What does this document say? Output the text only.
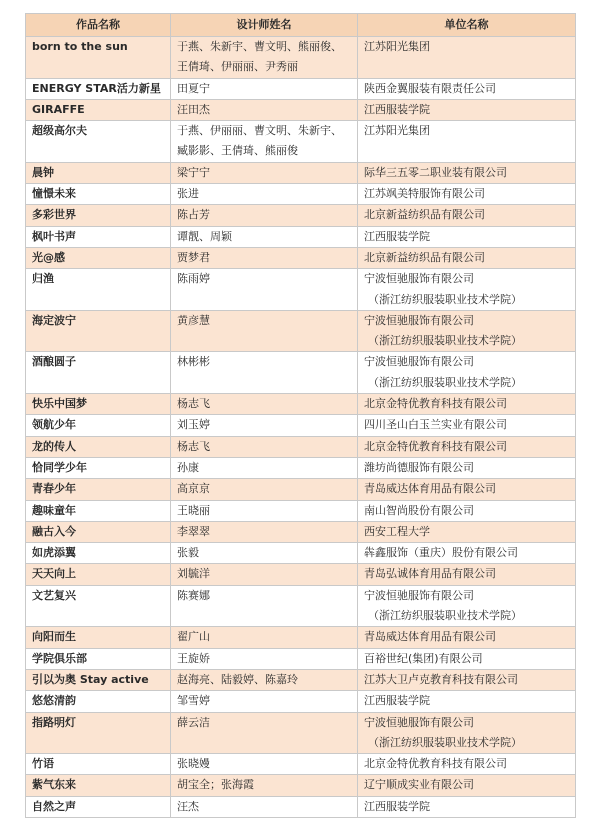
作品名称	设计师姓名	单位名称

born to the sun	于燕、朱新宇、曹文明、熊丽俊、
王倩琦、伊丽丽、尹秀丽	江苏阳光集团

ENERGY STAR活力新星	田夏宁	陕西金翼服装有限责任公司

GIRAFFE	汪田杰	江西服装学院

超级高尔夫	于燕、伊丽丽、曹文明、朱新宇、
臧影影、王倩琦、熊丽俊	江苏阳光集团

晨钟	梁宁宁	际华三五零二职业装有限公司

憧憬未来	张进	江苏飒美特服饰有限公司

多彩世界	陈占芳	北京新益纺织品有限公司

枫叶书声	谭靓、周颖	江西服装学院

光@感	贾梦君	北京新益纺织品有限公司

归渔	陈雨婷	宁波恒驰服饰有限公司
（浙江纺织服装职业技术学院）

海定波宁	黄彦慧	宁波恒驰服饰有限公司
（浙江纺织服装职业技术学院）

酒酿圆子	林彬彬	宁波恒驰服饰有限公司
（浙江纺织服装职业技术学院）

快乐中国梦	杨志飞	北京金特优教育科技有限公司

领航少年	刘玉婷	四川圣山白玉兰实业有限公司

龙的传人	杨志飞	北京金特优教育科技有限公司

恰同学少年	孙康	潍坊尚德服饰有限公司

青春少年	高京京	青岛威达体育用品有限公司

趣味童年	王晓丽	南山智尚股份有限公司

融古入今	李翠翠	西安工程大学

如虎添翼	张毅	犇鑫服饰（重庆）股份有限公司

天天向上	刘毓洋	青岛弘诚体育用品有限公司

文艺复兴	陈赛娜	宁波恒驰服饰有限公司
（浙江纺织服装职业技术学院）

向阳而生	翟广山	青岛威达体育用品有限公司

学院俱乐部	王旋娇	百裕世纪(集团)有限公司

引以为奥 Stay active	赵海亮、陆毅婷、陈嘉玲	江苏大卫卢克教育科技有限公司

悠悠清韵	邹雪婷	江西服装学院

指路明灯	薛云洁	宁波恒驰服饰有限公司
（浙江纺织服装职业技术学院）

竹语	张晓嫚	北京金特优教育科技有限公司

紫气东来	胡宝全；张海霞	辽宁顺成实业有限公司

自然之声	汪杰	江西服装学院
